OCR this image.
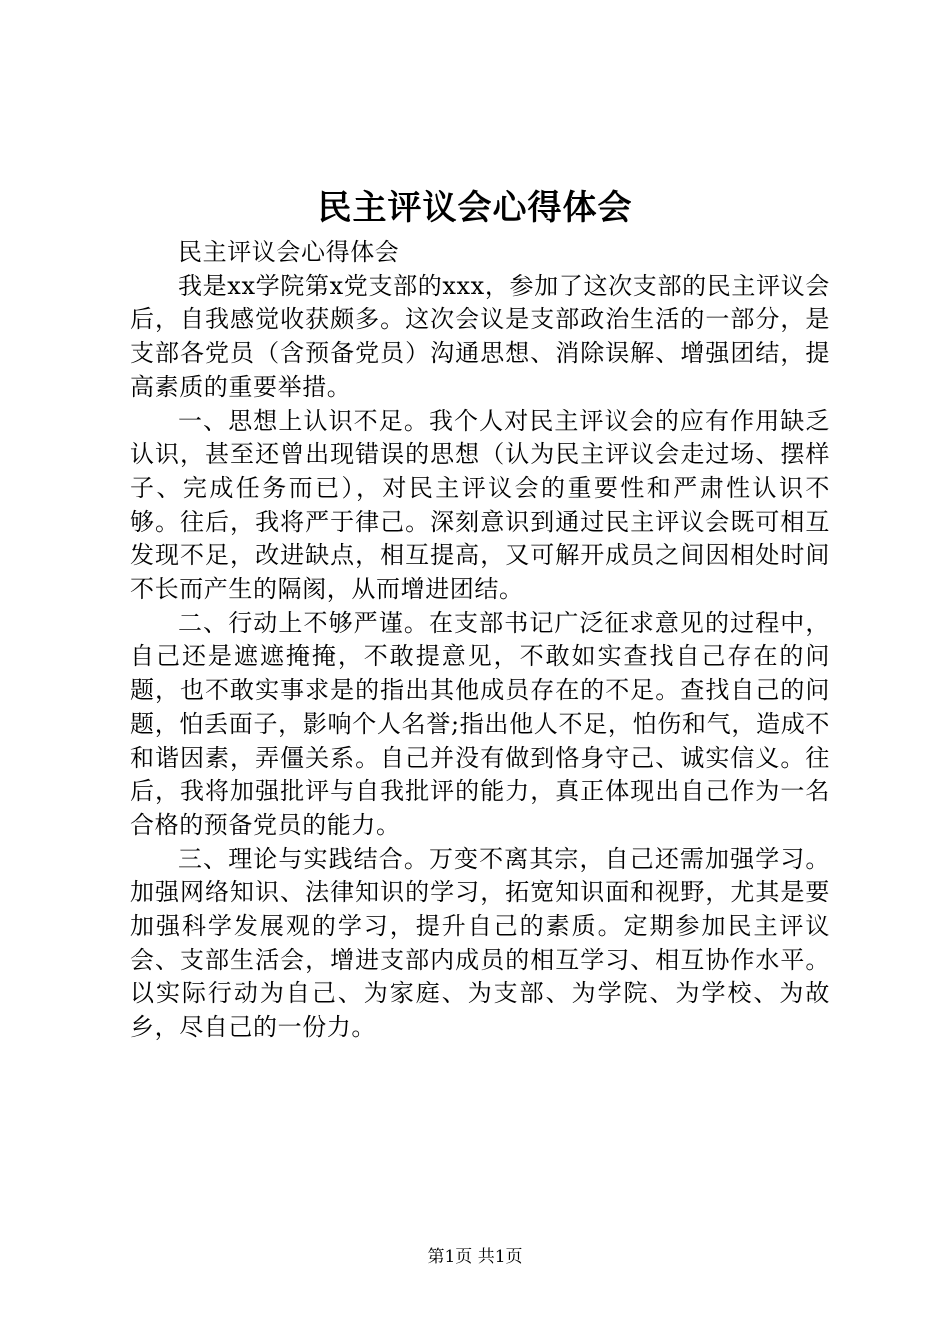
民主评议会心得体会

民主评议会心得体会

我是xx学院第x党支部的xxx，参加了这次支部的民主评议会后，自我感觉收获颇多。这次会议是支部政治生活的一部分，是支部各党员（含预备党员）沟通思想、消除误解、增强团结，提高素质的重要举措。

一、思想上认识不足。我个人对民主评议会的应有作用缺乏认识，甚至还曾出现错误的思想（认为民主评议会走过场、摆样子、完成任务而已），对民主评议会的重要性和严肃性认识不够。往后，我将严于律己。深刻意识到通过民主评议会既可相互发现不足，改进缺点，相互提高，又可解开成员之间因相处时间不长而产生的隔阂，从而增进团结。

二、行动上不够严谨。在支部书记广泛征求意见的过程中，自己还是遮遮掩掩，不敢提意见，不敢如实查找自己存在的问题，也不敢实事求是的指出其他成员存在的不足。查找自己的问题，怕丢面子，影响个人名誉;指出他人不足，怕伤和气，造成不和谐因素，弄僵关系。自己并没有做到恪身守己、诚实信义。往后，我将加强批评与自我批评的能力，真正体现出自己作为一名合格的预备党员的能力。

三、理论与实践结合。万变不离其宗，自己还需加强学习。加强网络知识、法律知识的学习，拓宽知识面和视野，尤其是要加强科学发展观的学习，提升自己的素质。定期参加民主评议会、支部生活会，增进支部内成员的相互学习、相互协作水平。以实际行动为自己、为家庭、为支部、为学院、为学校、为故乡，尽自己的一份力。

第1页 共1页
